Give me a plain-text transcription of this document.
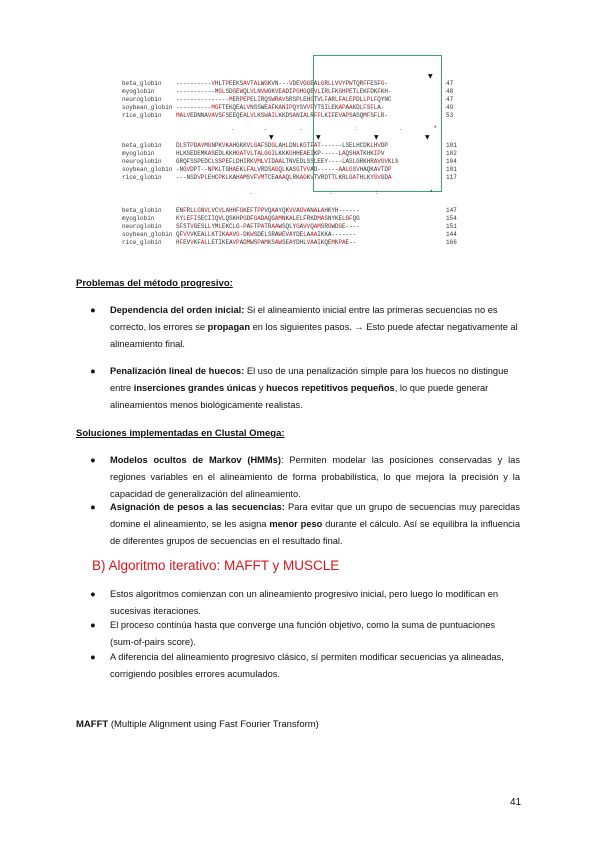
beta_globin	----------VHLTPEEKSAVTALWGKVN---VDEVGGEALGRLLVVYPWTQRFFESFG-	47
myoglobin	-----------MGLSDGEWQLVLNVWGKVEADIPGHGQEVLIRLFKGHPETLEKFDKFKH-	48
neuroglobin	---------------MERPEPELIRQSWRAVSRSPLEHGTVLFARLFALEPDLLPLFQYNC	47
soybean_globin ----------MGFTEKQEALVNSSWEAFKANIPQYSVVFYTSILEKAPAAKDLFSFLA-	49
rice_globin	MALVEDNNAVAVSFSEEQEALVLKSWAILKKDSANIALRFFLKIFEVAPSASQMFSFLR-	53
beta_globin	DLSTPDAVMGNPKVKAHGKKVLGAFSDGLAHLDNLKGTFAT------LSELHCDKLHVDP	101
myoglobin	HLKSEDEMKASEDLKKHGATVLTALGGILKKKGHHEAEIKP-----LAQSHATKHKIPV	102
neuroglobin	GRQFSSPEDCLSSPEFLDHIRKVMLVIDAALTNVEDLSSLEEY----LASLGRKHRAVGVKLS	104
soybean_globin -NGVDPT--NPKLTGHAEKLFALVRDSAGQLKASGTVVAD------AALGSVHAQKAVTDP	101
rice_globin	---NSDVPLEHCPKLKAHAMSVFVMTCEAAAQLRKAGKVTVRDTTLKRLGATHLKYGVGDA	117
beta_globin	ENFRLLGNVLVCVLAHHFGKEFTPPVQAAYQKVVAGVANALAHKYH------	147
myoglobin	KYLEFISECIIQVLQSKHPGDFGADAQGAMNKALELFRKDMASNYKELGFQG	154
neuroglobin	SFSTVGESLLYMLEKCLG-PAFTPATRAAWSQLYGAVVQAMSRGWDGE----	151
soybean_globin QFVVVKEALLKTIKAAVG-DKWSDELSRAWEVAYDELAAAIKKA-------	144
rice_globin	HFEVVKFALLETIKEAVPADMWSPAMKSAWSEAYDHLVAAIKQEMKPAE--	166
▼
▼	▼	▼	▼
.	.	.	:	.	*
.	.	:	*
Problemas del método progresivo:
●	Dependencia del orden inicial: Si el alineamiento inicial entre las primeras secuencias no es correcto, los errores se propagan en los siguientes pasos. → Esto puede afectar negativamente al alineamiento final.
●	Penalización lineal de huecos: El uso de una penalización simple para los huecos no distingue entre inserciones grandes únicas y huecos repetitivos pequeños, lo que puede generar alineamientos menos biológicamente realistas.
Soluciones implementadas en Clustal Omega:
●	Modelos ocultos de Markov (HMMs): Permiten modelar las posiciones conservadas y las regiones variables en el alineamiento de forma probabilística, lo que mejora la precisión y la capacidad de generalización del alineamiento.
●	Asignación de pesos a las secuencias: Para evitar que un grupo de secuencias muy parecidas domine el alineamiento, se les asigna menor peso durante el cálculo. Así se equilibra la influencia de diferentes grupos de secuencias en el resultado final.
B) Algoritmo iterativo: MAFFT y MUSCLE
●	Estos algoritmos comienzan con un alineamiento progresivo inicial, pero luego lo modifican en sucesivas iteraciones.
●	El proceso continúa hasta que converge una función objetivo, como la suma de puntuaciones (sum-of-pairs score).
●	A diferencia del alineamiento progresivo clásico, sí permiten modificar secuencias ya alineadas, corrigiendo posibles errores acumulados.
MAFFT (Multiple Alignment using Fast Fourier Transform)
41
